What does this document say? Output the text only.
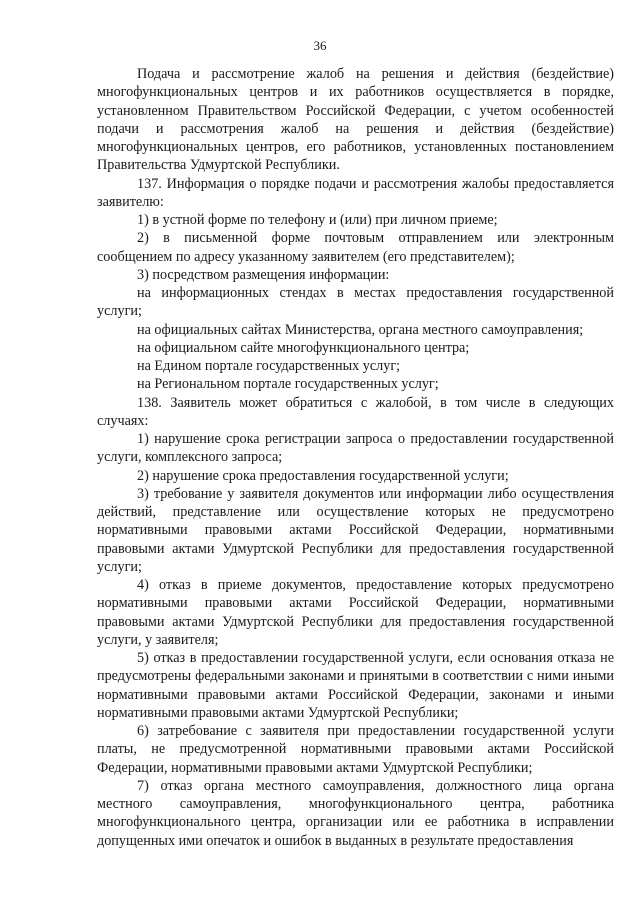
36

Подача и рассмотрение жалоб на решения и действия (бездействие) многофункциональных центров и их работников осуществляется в порядке, установленном Правительством Российской Федерации, с учетом особенностей подачи и рассмотрения жалоб на решения и действия (бездействие) многофункциональных центров, его работников, установленных постановлением Правительства Удмуртской Республики.

137. Информация о порядке подачи и рассмотрения жалобы предоставляется заявителю:

1) в устной форме по телефону и (или) при личном приеме;

2) в письменной форме почтовым отправлением или электронным сообщением по адресу указанному заявителем (его представителем);

3) посредством размещения информации:

на информационных стендах в местах предоставления государственной услуги;

на официальных сайтах Министерства, органа местного самоуправления;

на официальном сайте многофункционального центра;

на Едином портале государственных услуг;

на Региональном портале государственных услуг;

138. Заявитель может обратиться с жалобой, в том числе в следующих случаях:

1) нарушение срока регистрации запроса о предоставлении государственной услуги, комплексного запроса;

2) нарушение срока предоставления государственной услуги;

3) требование у заявителя документов или информации либо осуществления действий, представление или осуществление которых не предусмотрено нормативными правовыми актами Российской Федерации, нормативными правовыми актами Удмуртской Республики для предоставления государственной услуги;

4) отказ в приеме документов, предоставление которых предусмотрено нормативными правовыми актами Российской Федерации, нормативными правовыми актами Удмуртской Республики для предоставления государственной услуги, у заявителя;

5) отказ в предоставлении государственной услуги, если основания отказа не предусмотрены федеральными законами и принятыми в соответствии с ними иными нормативными правовыми актами Российской Федерации, законами и иными нормативными правовыми актами Удмуртской Республики;

6) затребование с заявителя при предоставлении государственной услуги платы, не предусмотренной нормативными правовыми актами Российской Федерации, нормативными правовыми актами Удмуртской Республики;

7) отказ органа местного самоуправления, должностного лица органа местного самоуправления, многофункционального центра, работника многофункционального центра, организации или ее работника в исправлении допущенных ими опечаток и ошибок в выданных в результате предоставления
